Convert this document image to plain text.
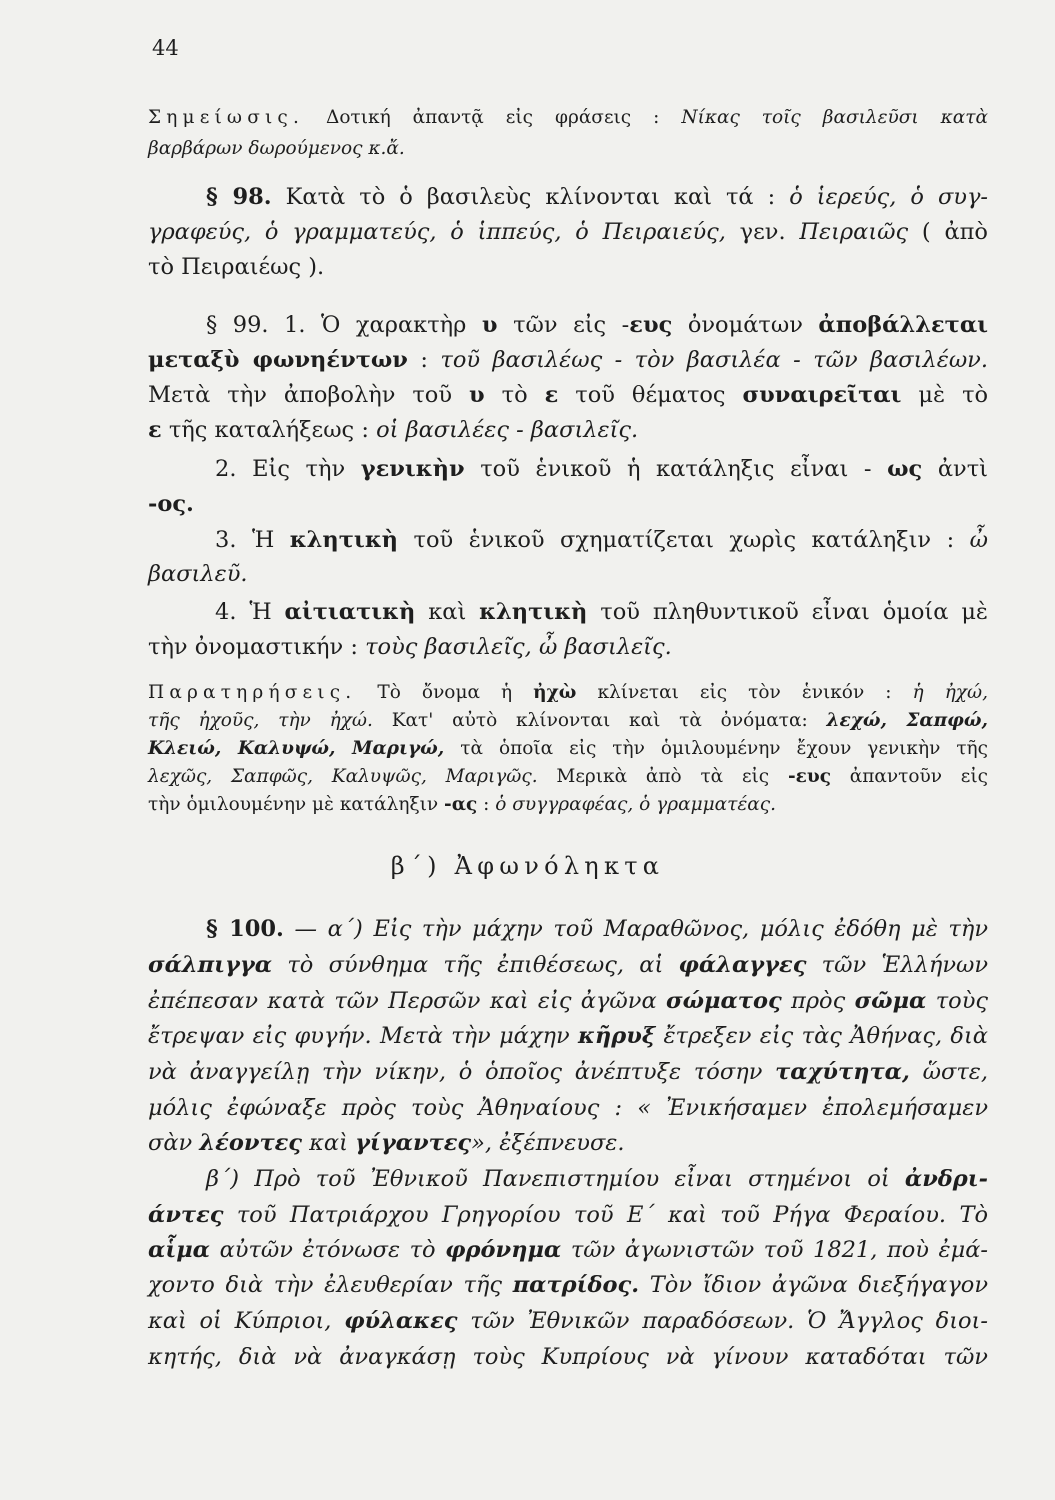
44
Σημείωσις. Δοτική ἀπαντᾷ εἰς φράσεις : Νίκας τοῖς βασιλεῦσι κατὰ
βαρβάρων δωρούμενος κ.ἄ.
§ 98. Κατὰ τὸ ὁ βασιλεὺς κλίνονται καὶ τά : ὁ ἱερεύς, ὁ συγ-
γραφεύς, ὁ γραμματεύς, ὁ ἱππεύς, ὁ Πειραιεύς, γεν. Πειραιῶς ( ἀπὸ
τὸ Πειραιέως ).
§ 99. 1. Ὁ χαρακτὴρ υ τῶν εἰς -ευς ὀνομάτων ἀποβάλλεται
μεταξὺ φωνηέντων : τοῦ βασιλέως - τὸν βασιλέα - τῶν βασιλέων.
Μετὰ τὴν ἀποβολὴν τοῦ υ τὸ ε τοῦ θέματος συναιρεῖται μὲ τὸ
ε τῆς καταλήξεως : οἱ βασιλέες - βασιλεῖς.
2. Εἰς τὴν γενικὴν τοῦ ἑνικοῦ ἡ κατάληξις εἶναι - ως ἀντὶ
-ος.
3. Ἡ κλητικὴ τοῦ ἑνικοῦ σχηματίζεται χωρὶς κατάληξιν : ὦ
βασιλεῦ.
4. Ἡ αἰτιατικὴ καὶ κλητικὴ τοῦ πληθυντικοῦ εἶναι ὁμοία μὲ
τὴν ὀνομαστικήν : τοὺς βασιλεῖς, ὦ βασιλεῖς.
Παρατηρήσεις. Τὸ ὄνομα ἡ ἠχὼ κλίνεται εἰς τὸν ἑνικόν : ἡ ἠχώ,
τῆς ἠχοῦς, τὴν ἠχώ. Κατ' αὐτὸ κλίνονται καὶ τὰ ὀνόματα: λεχώ, Σαπφώ,
Κλειώ, Καλυψώ, Μαριγώ, τὰ ὁποῖα εἰς τὴν ὁμιλουμένην ἔχουν γενικὴν τῆς
λεχῶς, Σαπφῶς, Καλυψῶς, Μαριγῶς. Μερικὰ ἀπὸ τὰ εἰς -ευς ἀπαντοῦν εἰς
τὴν ὁμιλουμένην μὲ κατάληξιν -ας : ὁ συγγραφέας, ὁ γραμματέας.
β΄) Ἀφωνόληκτα
§ 100. — α΄) Εἰς τὴν μάχην τοῦ Μαραθῶνος, μόλις ἐδόθη μὲ τὴν
σάλπιγγα τὸ σύνθημα τῆς ἐπιθέσεως, αἱ φάλαγγες τῶν Ἑλλήνων
ἐπέπεσαν κατὰ τῶν Περσῶν καὶ εἰς ἀγῶνα σώματος πρὸς σῶμα τοὺς
ἔτρεψαν εἰς φυγήν. Μετὰ τὴν μάχην κῆρυξ ἔτρεξεν εἰς τὰς Ἀθήνας, διὰ
νὰ ἀναγγείλῃ τὴν νίκην, ὁ ὁποῖος ἀνέπτυξε τόσην ταχύτητα, ὥστε,
μόλις ἐφώναξε πρὸς τοὺς Ἀθηναίους : « Ἐνικήσαμεν ἐπολεμήσαμεν
σὰν λέοντες καὶ γίγαντες», ἐξέπνευσε.
β΄) Πρὸ τοῦ Ἐθνικοῦ Πανεπιστημίου εἶναι στημένοι οἱ ἀνδρι-
άντες τοῦ Πατριάρχου Γρηγορίου τοῦ Ε΄ καὶ τοῦ Ρήγα Φεραίου. Τὸ
αἷμα αὐτῶν ἐτόνωσε τὸ φρόνημα τῶν ἀγωνιστῶν τοῦ 1821, ποὺ ἐμά-
χοντο διὰ τὴν ἐλευθερίαν τῆς πατρίδος. Τὸν ἴδιον ἀγῶνα διεξήγαγον
καὶ οἱ Κύπριοι, φύλακες τῶν Ἐθνικῶν παραδόσεων. Ὁ Ἄγγλος διοι-
κητής, διὰ νὰ ἀναγκάσῃ τοὺς Κυπρίους νὰ γίνουν καταδόται τῶν
